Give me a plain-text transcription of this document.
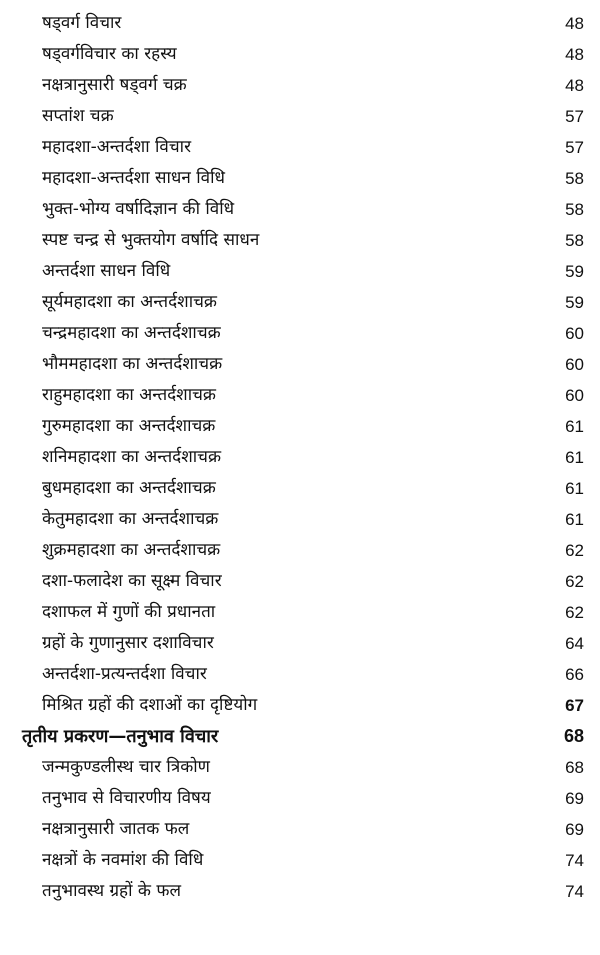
षड्वर्ग विचार	48
षड्वर्गविचार का रहस्य	48
नक्षत्रानुसारी षड्वर्ग चक्र	48
सप्तांश चक्र	57
महादशा-अन्तर्दशा विचार	57
महादशा-अन्तर्दशा साधन विधि	58
भुक्त-भोग्य वर्षादिज्ञान की विधि	58
स्पष्ट चन्द्र से भुक्तयोग वर्षादि साधन	58
अन्तर्दशा साधन विधि	59
सूर्यमहादशा का अन्तर्दशाचक्र	59
चन्द्रमहादशा का अन्तर्दशाचक्र	60
भौममहादशा का अन्तर्दशाचक्र	60
राहुमहादशा का अन्तर्दशाचक्र	60
गुरुमहादशा का अन्तर्दशाचक्र	61
शनिमहादशा का अन्तर्दशाचक्र	61
बुधमहादशा का अन्तर्दशाचक्र	61
केतुमहादशा का अन्तर्दशाचक्र	61
शुक्रमहादशा का अन्तर्दशाचक्र	62
दशा-फलादेश का सूक्ष्म विचार	62
दशाफल में गुणों की प्रधानता	62
ग्रहों के गुणानुसार दशाविचार	64
अन्तर्दशा-प्रत्यन्तर्दशा विचार	66
मिश्रित ग्रहों की दशाओं का दृष्टियोग	67
तृतीय प्रकरण—तनुभाव विचार	68
जन्मकुण्डलीस्थ चार त्रिकोण	68
तनुभाव से विचारणीय विषय	69
नक्षत्रानुसारी जातक फल	69
नक्षत्रों के नवमांश की विधि	74
तनुभावस्थ ग्रहों के फल	74
